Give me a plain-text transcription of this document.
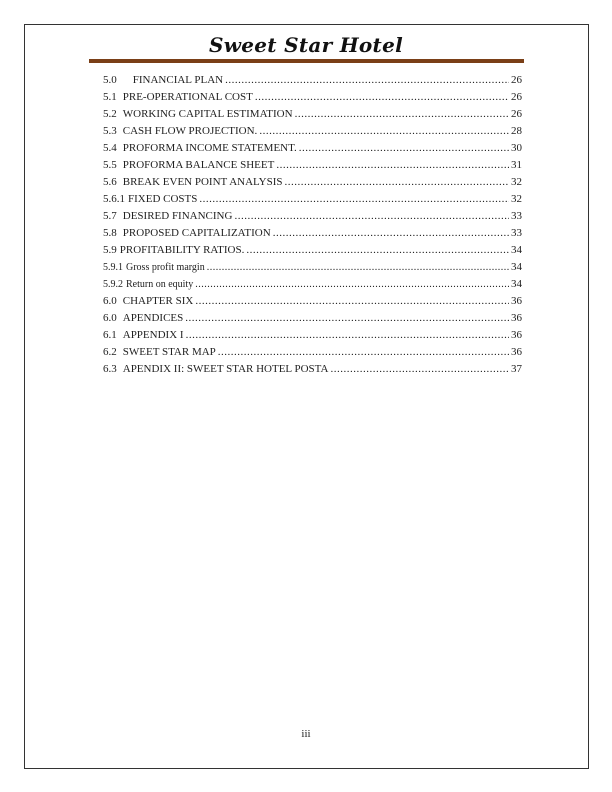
Sweet Star Hotel
5.0 FINANCIAL PLAN .....	26
5.1 PRE-OPERATIONAL COST .....	26
5.2 WORKING CAPITAL ESTIMATION .....	26
5.3 CASH FLOW PROJECTION. .....	28
5.4 PROFORMA INCOME STATEMENT. .....	30
5.5 PROFORMA BALANCE SHEET .....	31
5.6 BREAK EVEN POINT ANALYSIS .....	32
5.6.1 FIXED COSTS .....	32
5.7 DESIRED FINANCING .....	33
5.8 PROPOSED CAPITALIZATION .....	33
5.9 PROFITABILITY RATIOS. .....	34
5.9.1 Gross profit margin .....	34
5.9.2 Return on equity .....	34
6.0 CHAPTER SIX .....	36
6.0 APENDICES .....	36
6.1 APPENDIX I .....	36
6.2 SWEET STAR MAP .....	36
6.3 APENDIX II: SWEET STAR HOTEL POSTA .....	37
iii
